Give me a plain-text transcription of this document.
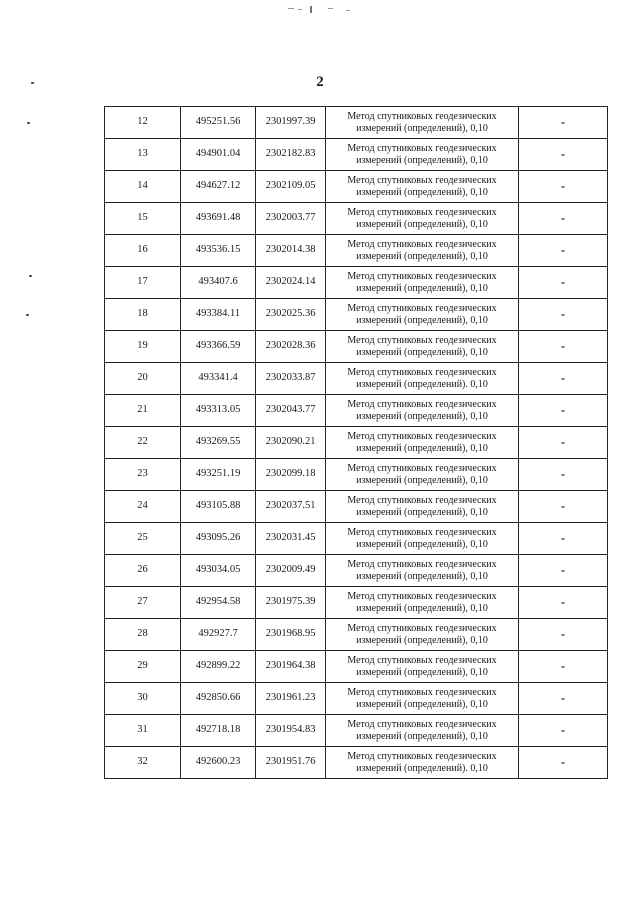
2
12	495251.56	2301997.39	Метод спутниковых геодезических
измерений (определений), 0,10	-
13	494901.04	2302182.83	Метод спутниковых геодезических
измерений (определений), 0,10	-
14	494627.12	2302109.05	Метод спутниковых геодезических
измерений (определений), 0,10	-
15	493691.48	2302003.77	Метод спутниковых геодезических
измерений (определений), 0,10	-
16	493536.15	2302014.38	Метод спутниковых геодезических
измерений (определений), 0,10	-
17	493407.6	2302024.14	Метод спутниковых геодезических
измерений (определений), 0,10	-
18	493384.11	2302025.36	Метод спутниковых геодезических
измерений (определений), 0,10	-
19	493366.59	2302028.36	Метод спутниковых геодезических
измерений (определений), 0,10	-
20	493341.4	2302033.87	Метод спутниковых геодезических
измерений (определений). 0,10	-
21	493313.05	2302043.77	Метод спутниковых геодезических
измерений (определений), 0,10	-
22	493269.55	2302090.21	Метод спутниковых геодезических
измерений (определений), 0,10	-
23	493251.19	2302099.18	Метод спутниковых геодезических
измерений (определений), 0,10	-
24	493105.88	2302037.51	Метод спутниковых геодезических
измерений (определений), 0,10	-
25	493095.26	2302031.45	Метод спутниковых геодезических
измерений (определений), 0,10	-
26	493034.05	2302009.49	Метод спутниковых геодезических
измерений (определений), 0,10	-
27	492954.58	2301975.39	Метод спутниковых геодезических
измерений (определений), 0,10	-
28	492927.7	2301968.95	Метод спутниковых геодезических
измерений (определений), 0,10	-
29	492899.22	2301964.38	Метод спутниковых геодезических
измерений (определений), 0,10	-
30	492850.66	2301961.23	Метод спутниковых геодезических
измерений (определений), 0,10	-
31	492718.18	2301954.83	Метод спутниковых геодезических
измерений (определений), 0,10	-
32	492600.23	2301951.76	Метод спутниковых геодезических
измерений (определений). 0,10	-
